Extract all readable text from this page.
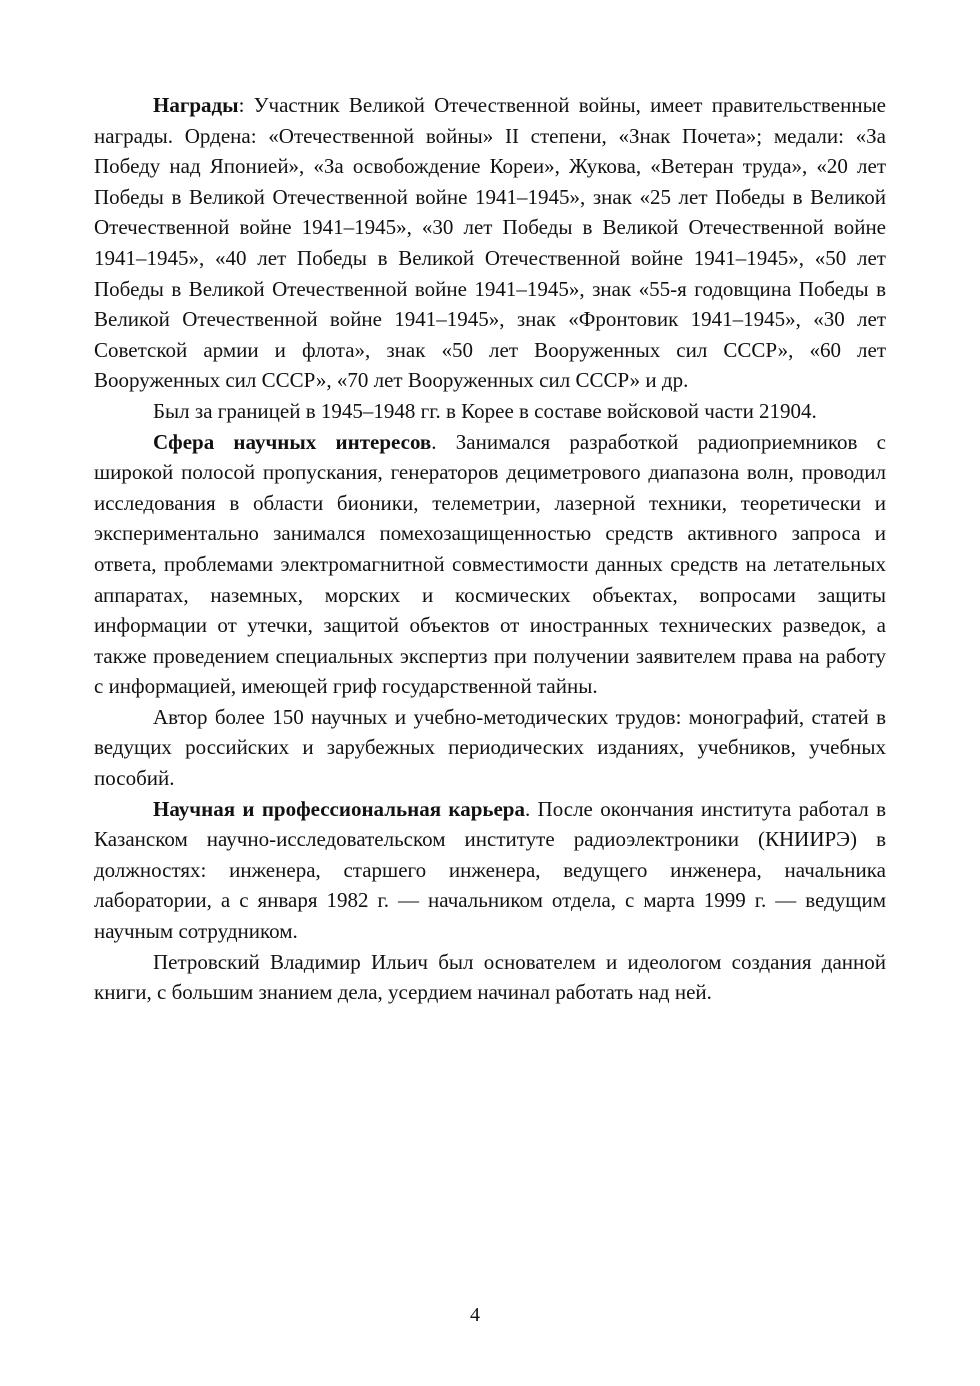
Награды: Участник Великой Отечественной войны, имеет правительственные награды. Ордена: «Отечественной войны» II степени, «Знак Почета»; медали: «За Победу над Японией», «За освобождение Кореи», Жукова, «Ветеран труда», «20 лет Победы в Великой Отечественной войне 1941–1945», знак «25 лет Победы в Великой Отечественной войне 1941–1945», «30 лет Победы в Великой Отечественной войне 1941–1945», «40 лет Победы в Великой Отечественной войне 1941–1945», «50 лет Победы в Великой Отечественной войне 1941–1945», знак «55-я годовщина Победы в Великой Отечественной войне 1941–1945», знак «Фронтовик 1941–1945», «30 лет Советской армии и флота», знак «50 лет Вооруженных сил СССР», «60 лет Вооруженных сил СССР», «70 лет Вооруженных сил СССР» и др.

Был за границей в 1945–1948 гг. в Корее в составе войсковой части 21904.

Сфера научных интересов. Занимался разработкой радиоприемников с широкой полосой пропускания, генераторов дециметрового диапазона волн, проводил исследования в области бионики, телеметрии, лазерной техники, теоретически и экспериментально занимался помехозащищенностью средств активного запроса и ответа, проблемами электромагнитной совместимости данных средств на летательных аппаратах, наземных, морских и космических объектах, вопросами защиты информации от утечки, защитой объектов от иностранных технических разведок, а также проведением специальных экспертиз при получении заявителем права на работу с информацией, имеющей гриф государственной тайны.

Автор более 150 научных и учебно-методических трудов: монографий, статей в ведущих российских и зарубежных периодических изданиях, учебников, учебных пособий.

Научная и профессиональная карьера. После окончания института работал в Казанском научно-исследовательском институте радиоэлектроники (КНИИРЭ) в должностях: инженера, старшего инженера, ведущего инженера, начальника лаборатории, а с января 1982 г. — начальником отдела, с марта 1999 г. — ведущим научным сотрудником.

Петровский Владимир Ильич был основателем и идеологом создания данной книги, с большим знанием дела, усердием начинал работать над ней.

4
